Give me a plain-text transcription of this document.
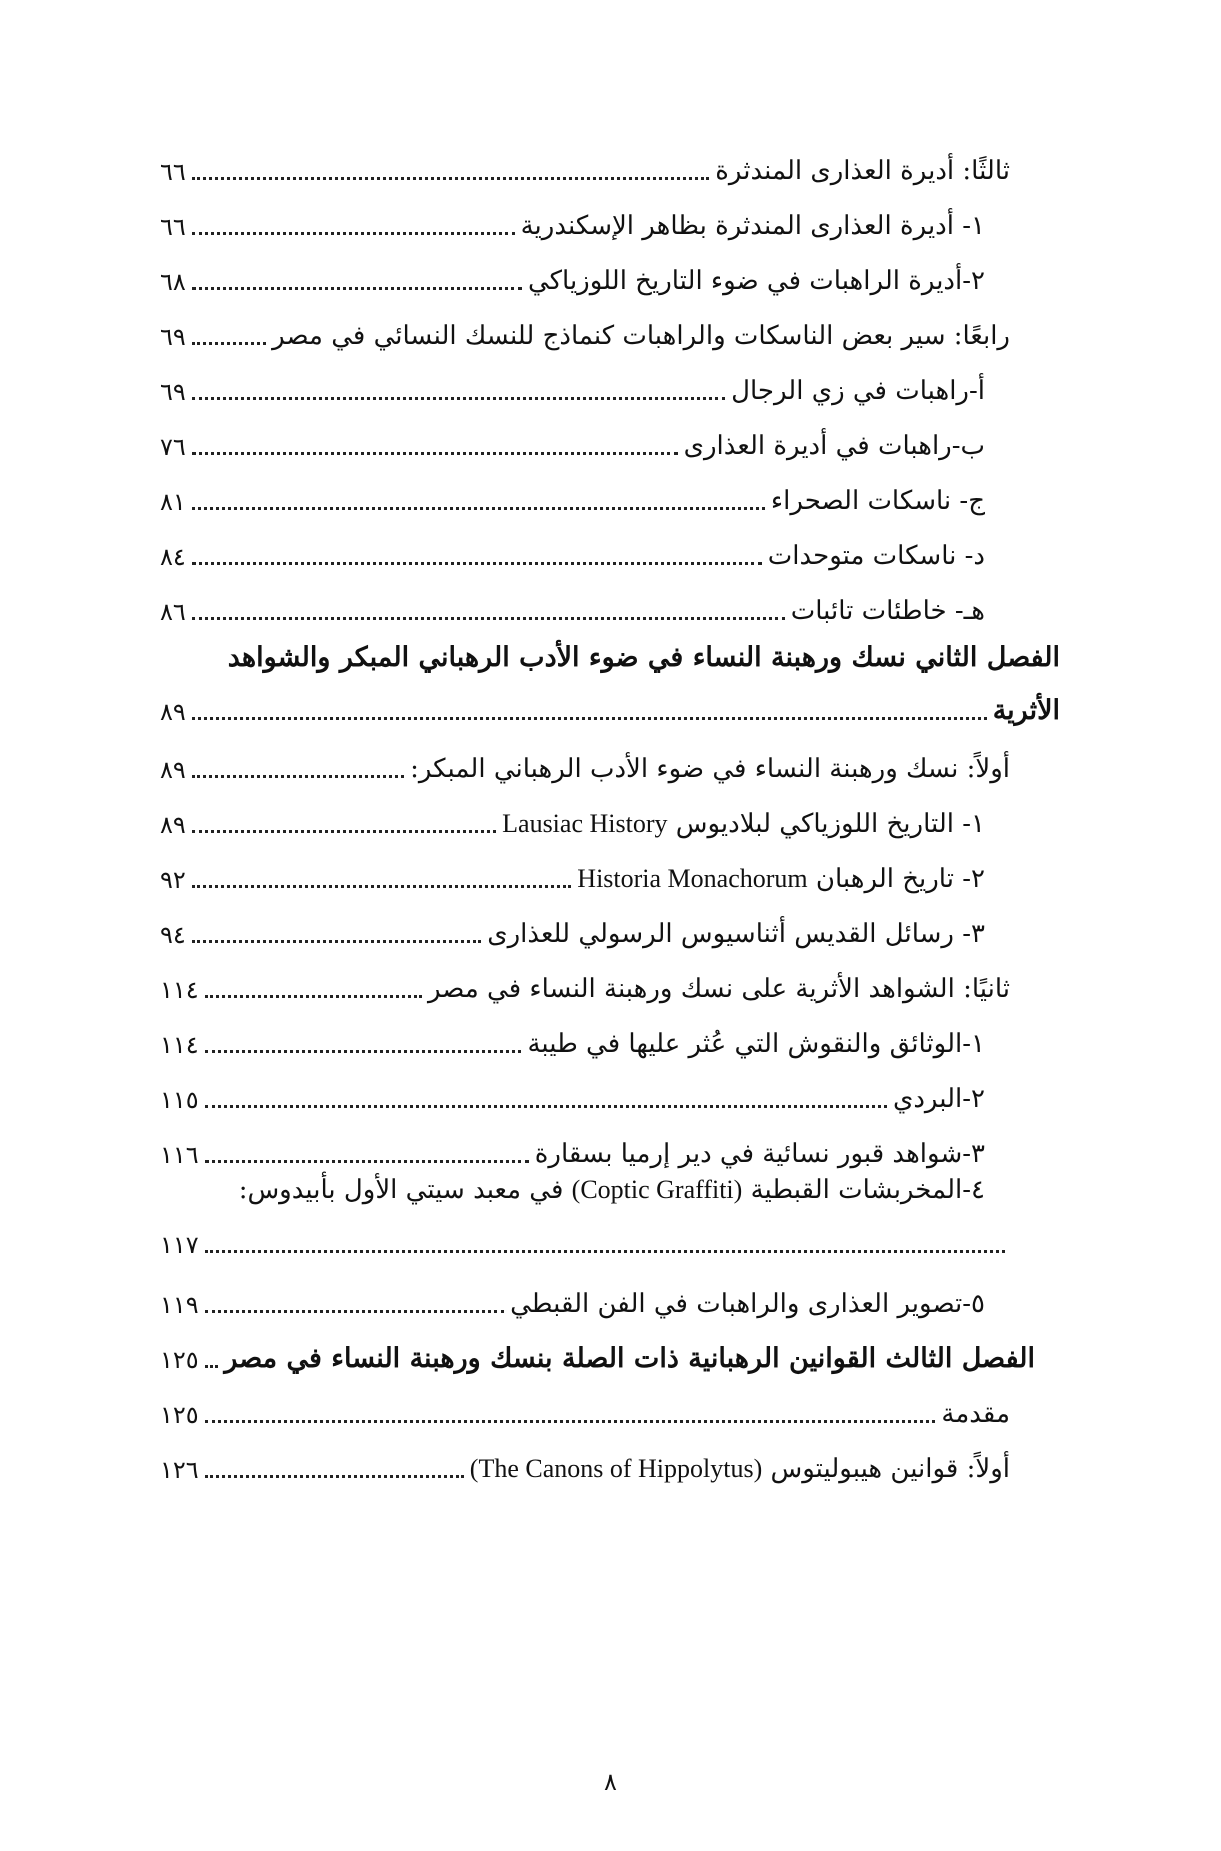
ثالثًا: أديرة العذارى المندثرة
٦٦
١- أديرة العذارى المندثرة بظاهر الإسكندرية
٦٦
٢-أديرة الراهبات في ضوء التاريخ اللوزياكي
٦٨
رابعًا: سير بعض الناسكات والراهبات كنماذج للنسك النسائي في مصر
٦٩
أ-راهبات في زي الرجال
٦٩
ب-راهبات في أديرة العذارى
٧٦
ج- ناسكات الصحراء
٨١
د- ناسكات متوحدات
٨٤
هـ- خاطئات تائبات
٨٦
الفصل الثاني نسك ورهبنة النساء في ضوء الأدب الرهباني المبكر والشواهد
الأثرية
٨٩
أولاً: نسك ورهبنة النساء في ضوء الأدب الرهباني المبكر:
٨٩
١- التاريخ اللوزياكي لبلاديوس Lausiac History
٨٩
٢- تاريخ الرهبان Historia Monachorum
٩٢
٣- رسائل القديس أثناسيوس الرسولي للعذارى
٩٤
ثانيًا: الشواهد الأثرية على نسك ورهبنة النساء في مصر
١١٤
١-الوثائق والنقوش التي عُثر عليها في طيبة
١١٤
٢-البردي
١١٥
٣-شواهد قبور نسائية في دير إرميا بسقارة
١١٦
٤-المخربشات القبطية (Coptic Graffiti) في معبد سيتي الأول بأبيدوس:
١١٧
٥-تصوير العذارى والراهبات في الفن القبطي
١١٩
الفصل الثالث القوانين الرهبانية ذات الصلة بنسك ورهبنة النساء في مصر
١٢٥
مقدمة
١٢٥
أولاً: قوانين هيبوليتوس (The Canons of Hippolytus)
١٢٦
٨
